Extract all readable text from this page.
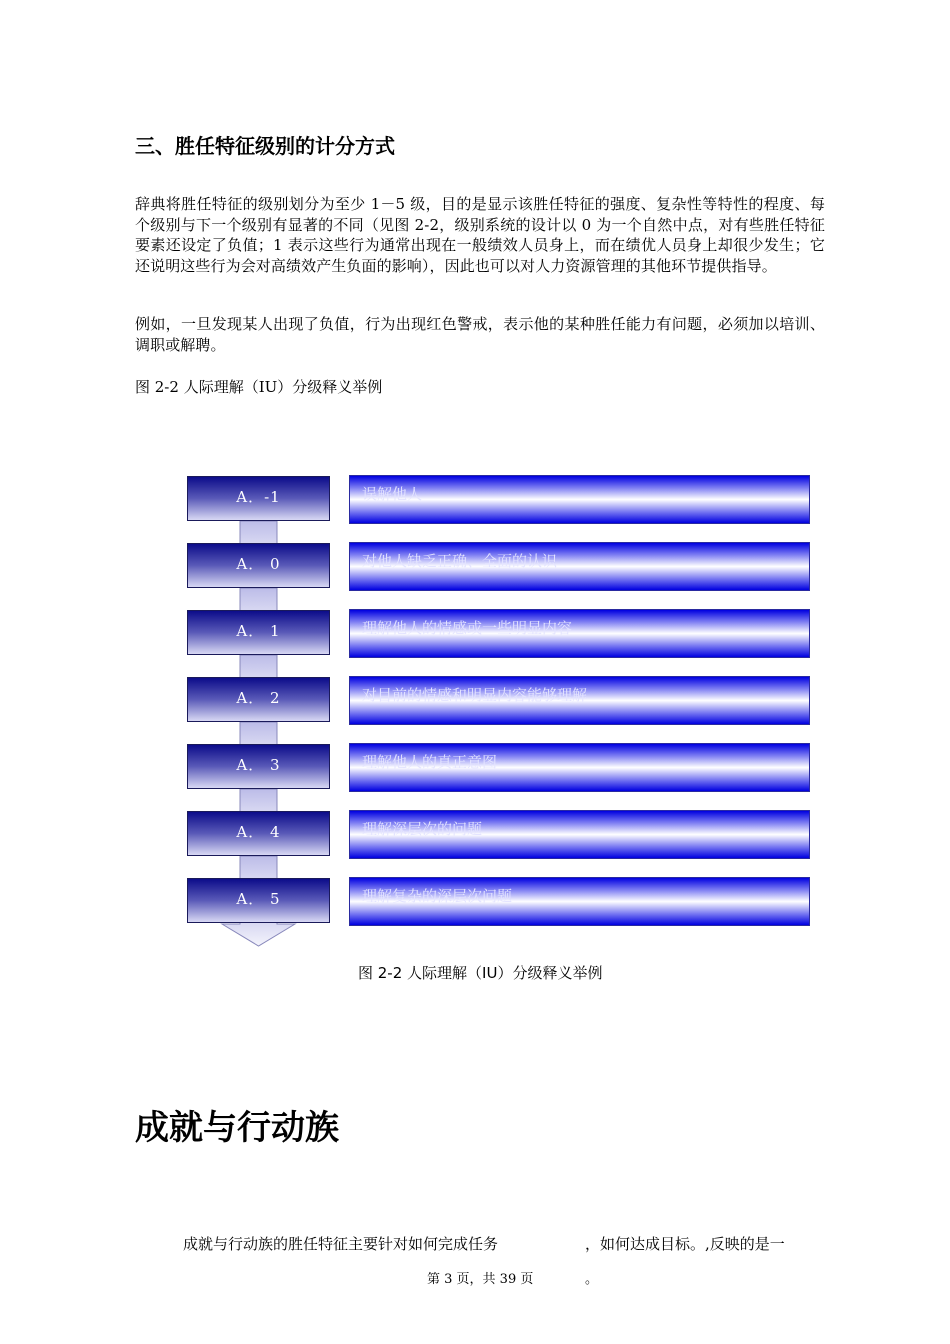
三、胜任特征级别的计分方式
辞典将胜任特征的级别划分为至少 1－5 级，目的是显示该胜任特征的强度、复杂性等特性的程度、每个级别与下一个级别有显著的不同（见图 2-2，级别系统的设计以 0 为一个自然中点，对有些胜任特征要素还设定了负值；1 表示这些行为通常出现在一般绩效人员身上，而在绩优人员身上却很少发生；它还说明这些行为会对高绩效产生负面的影响），因此也可以对人力资源管理的其他环节提供指导。
例如，一旦发现某人出现了负值，行为出现红色警戒，表示他的某种胜任能力有问题，必须加以培训、调职或解聘。
图 2-2 人际理解（IU）分级释义举例
A．-1	误解他人
A． 0	对他人缺乏正确、全面的认识
A． 1	理解他人的情感或一些明显内容
A． 2	对目前的情感和明显内容能够理解
A． 3	理解他人的真正意图
A． 4	理解深层次的问题
A． 5	理解复杂的深层次问题
图 2-2 人际理解（IU）分级释义举例
成就与行动族
成就与行动族的胜任特征主要针对如何完成任务	，如何达成目标。,反映的是一
第 3 页，共 39 页	。
